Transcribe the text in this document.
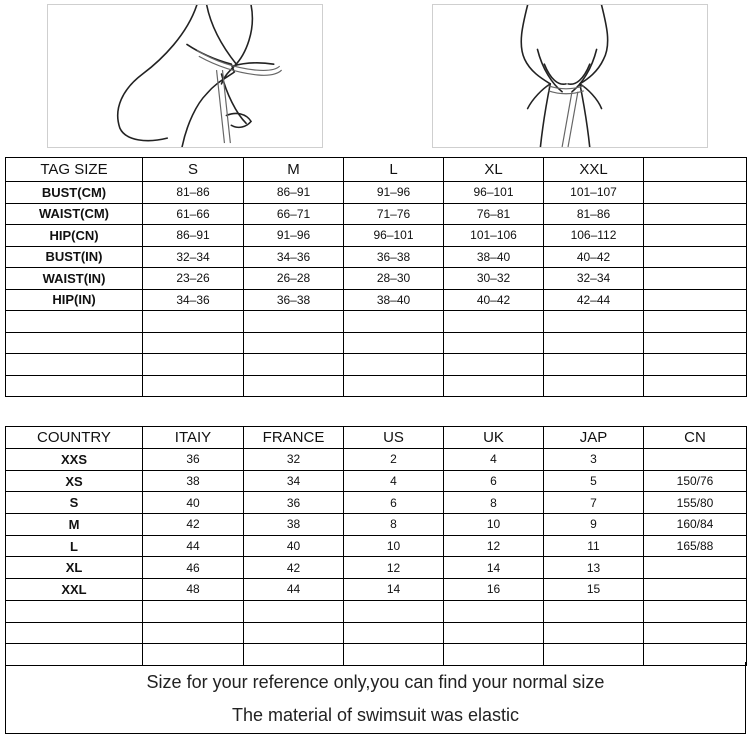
TAG SIZE	S	M	L	XL	XXL	
BUST(CM)	81–86	86–91	91–96	96–101	101–107	
WAIST(CM)	61–66	66–71	71–76	76–81	81–86	
HIP(CN)	86–91	91–96	96–101	101–106	106–112	
BUST(IN)	32–34	34–36	36–38	38–40	40–42	
WAIST(IN)	23–26	26–28	28–30	30–32	32–34	
HIP(IN)	34–36	36–38	38–40	40–42	42–44	

COUNTRY	ITAIY	FRANCE	US	UK	JAP	CN
XXS	36	32	2	4	3	
XS	38	34	4	6	5	150/76
S	40	36	6	8	7	155/80
M	42	38	8	10	9	160/84
L	44	40	10	12	11	165/88
XL	46	42	12	14	13	
XXL	48	44	14	16	15	

Size for your reference only,you can find your normal size
The material of swimsuit was elastic
